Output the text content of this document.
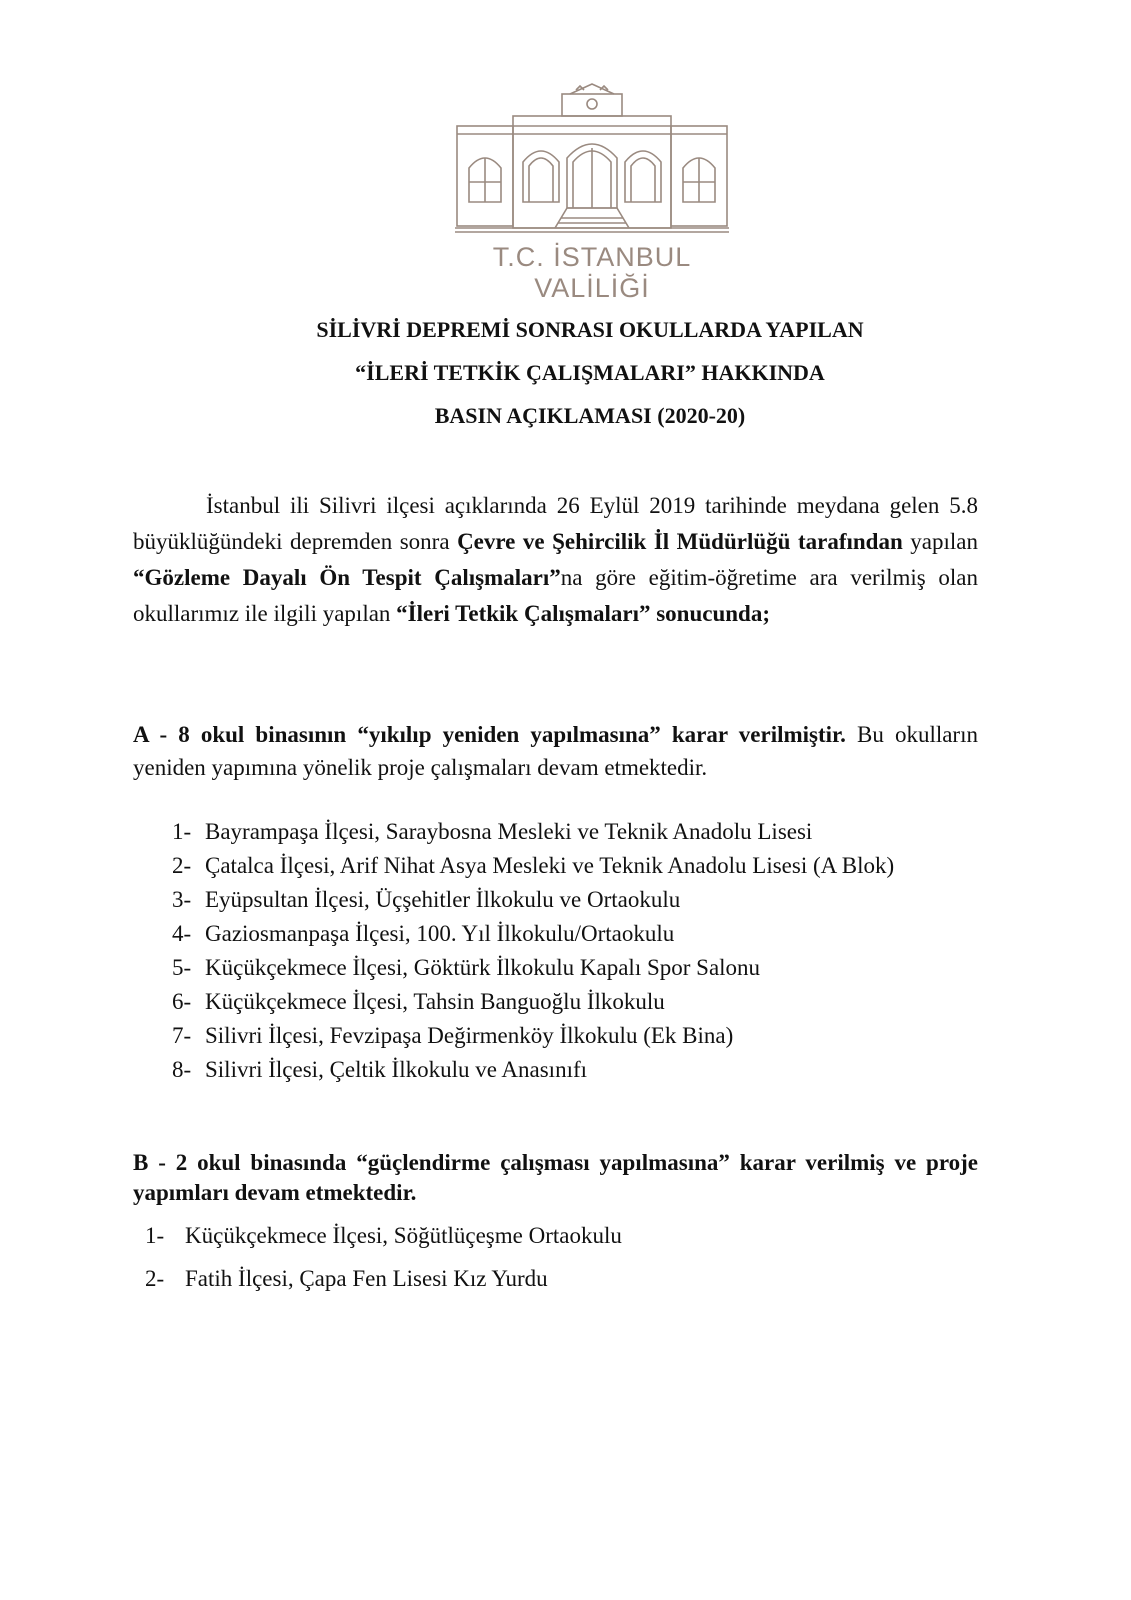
T.C. İSTANBUL VALİLİĞİ
SİLİVRİ DEPREMİ SONRASI OKULLARDA YAPILAN
“İLERİ TETKİK ÇALIŞMALARI” HAKKINDA
BASIN AÇIKLAMASI (2020-20)

İstanbul ili Silivri ilçesi açıklarında 26 Eylül 2019 tarihinde meydana gelen 5.8 büyüklüğündeki depremden sonra Çevre ve Şehircilik İl Müdürlüğü tarafından yapılan “Gözleme Dayalı Ön Tespit Çalışmaları”na göre eğitim-öğretime ara verilmiş olan okullarımız ile ilgili yapılan “İleri Tetkik Çalışmaları” sonucunda;

A - 8 okul binasının “yıkılıp yeniden yapılmasına” karar verilmiştir. Bu okulların yeniden yapımına yönelik proje çalışmaları devam etmektedir.

1- Bayrampaşa İlçesi, Saraybosna Mesleki ve Teknik Anadolu Lisesi
2- Çatalca İlçesi, Arif Nihat Asya Mesleki ve Teknik Anadolu Lisesi (A Blok)
3- Eyüpsultan İlçesi, Üçşehitler İlkokulu ve Ortaokulu
4- Gaziosmanpaşa İlçesi, 100. Yıl İlkokulu/Ortaokulu
5- Küçükçekmece İlçesi, Göktürk İlkokulu Kapalı Spor Salonu
6- Küçükçekmece İlçesi, Tahsin Banguoğlu İlkokulu
7- Silivri İlçesi, Fevzipaşa Değirmenköy İlkokulu (Ek Bina)
8- Silivri İlçesi, Çeltik İlkokulu ve Anasınıfı

B - 2 okul binasında “güçlendirme çalışması yapılmasına” karar verilmiş ve proje yapımları devam etmektedir.

1- Küçükçekmece İlçesi, Söğütlüçeşme Ortaokulu
2- Fatih İlçesi, Çapa Fen Lisesi Kız Yurdu
